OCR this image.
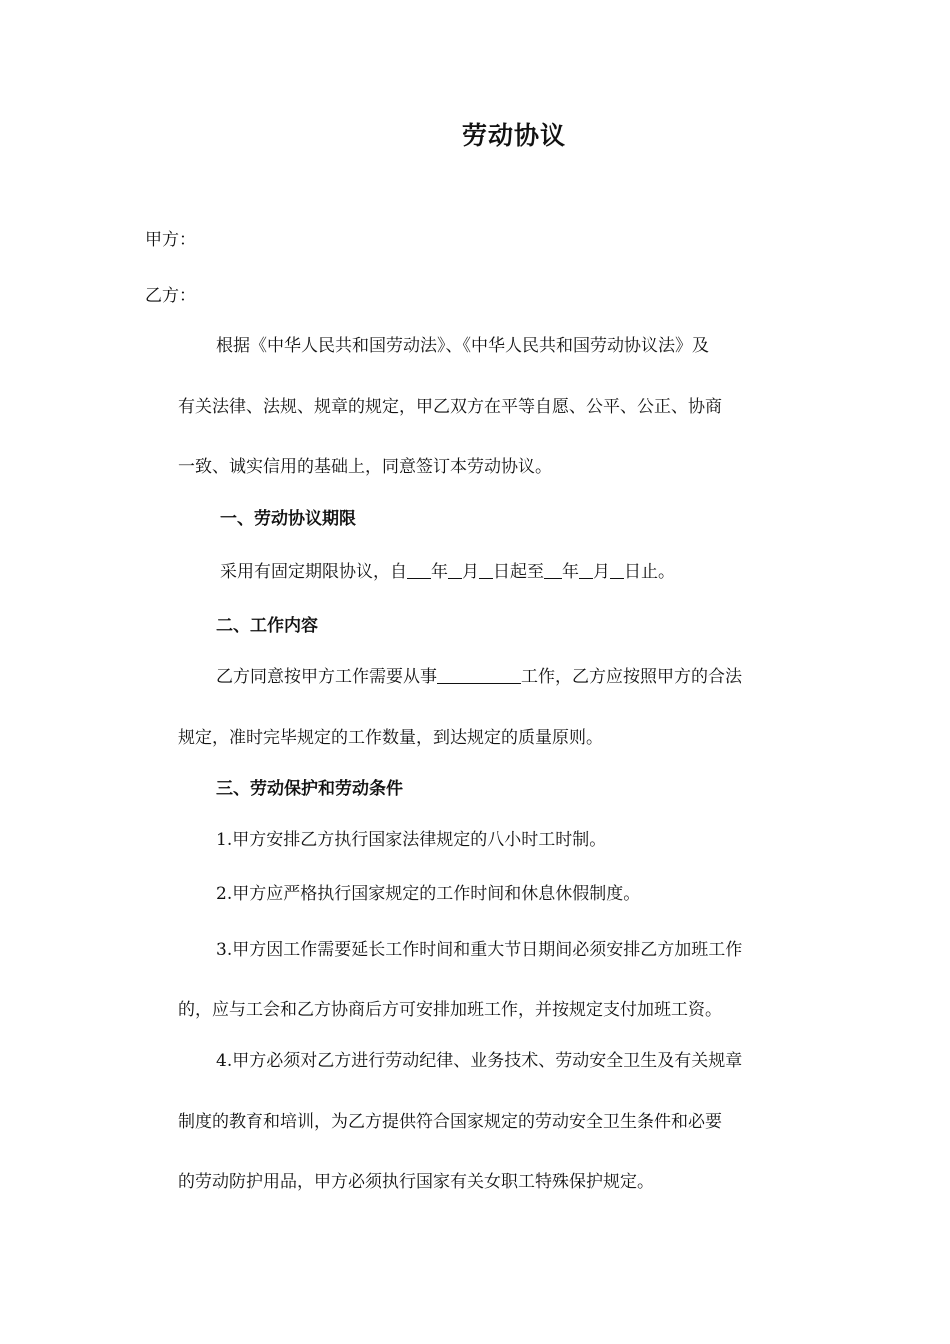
劳动协议
甲方：
乙方：
根据《中华人民共和国劳动法》、《中华人民共和国劳动协议法》及
有关法律、法规、规章的规定，甲乙双方在平等自愿、公平、公正、协商
一致、诚实信用的基础上，同意签订本劳动协议。
一、劳动协议期限
采用有固定期限协议，自 年 月 日起至 年 月 日止。
二、工作内容
乙方同意按甲方工作需要从事	工作，乙方应按照甲方的合法
规定，准时完毕规定的工作数量，到达规定的质量原则。
三、劳动保护和劳动条件
1.甲方安排乙方执行国家法律规定的八小时工时制。
2.甲方应严格执行国家规定的工作时间和休息休假制度。
3.甲方因工作需要延长工作时间和重大节日期间必须安排乙方加班工作
的，应与工会和乙方协商后方可安排加班工作，并按规定支付加班工资。
4.甲方必须对乙方进行劳动纪律、业务技术、劳动安全卫生及有关规章
制度的教育和培训，为乙方提供符合国家规定的劳动安全卫生条件和必要
的劳动防护用品，甲方必须执行国家有关女职工特殊保护规定。
